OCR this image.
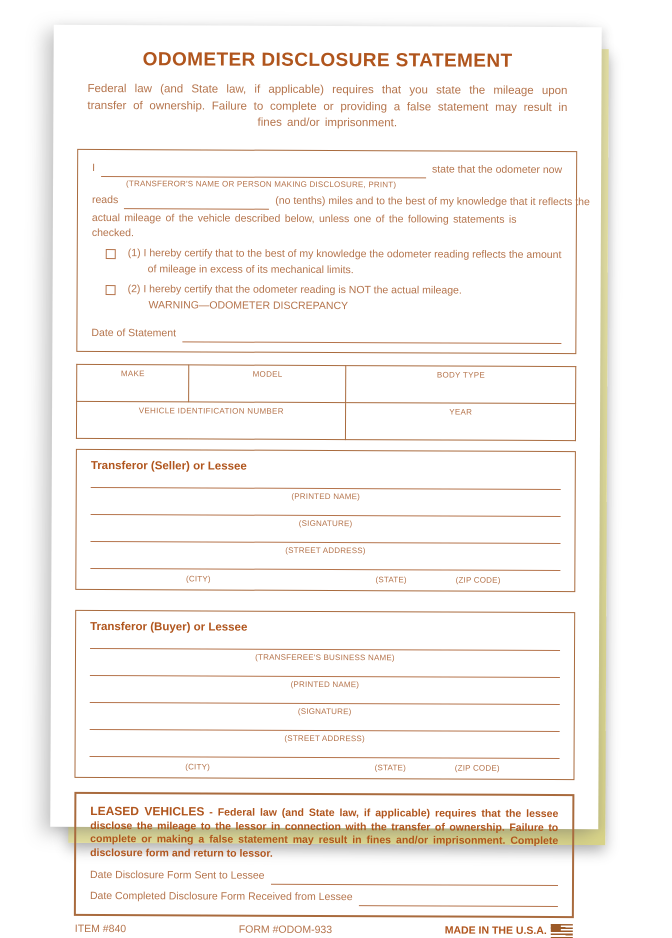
ODOMETER DISCLOSURE STATEMENT

Federal law (and State law, if applicable) requires that you state the mileage upon transfer of ownership. Failure to complete or providing a false statement may result in fines and/or imprisonment.

I	state that the odometer now
(TRANSFEROR'S NAME OR PERSON MAKING DISCLOSURE, PRINT)
reads	(no tenths) miles and to the best of my knowledge that it reflects the
actual mileage of the vehicle described below, unless one of the following statements is checked.
(1) I hereby certify that to the best of my knowledge the odometer reading reflects the amount of mileage in excess of its mechanical limits.
(2) I hereby certify that the odometer reading is NOT the actual mileage.
WARNING—ODOMETER DISCREPANCY
Date of Statement
MAKE	MODEL	BODY TYPE
VEHICLE IDENTIFICATION NUMBER		YEAR
Transferor (Seller) or Lessee
(PRINTED NAME)
(SIGNATURE)
(STREET ADDRESS)
(CITY)	(STATE)	(ZIP CODE)
Transferor (Buyer) or Lessee
(TRANSFEREE'S BUSINESS NAME)
(PRINTED NAME)
(SIGNATURE)
(STREET ADDRESS)
(CITY)	(STATE)	(ZIP CODE)

LEASED VEHICLES - Federal law (and State law, if applicable) requires that the lessee disclose the mileage to the lessor in connection with the transfer of ownership. Failure to complete or making a false statement may result in fines and/or imprisonment. Complete disclosure form and return to lessor.

Date Disclosure Form Sent to Lessee
Date Completed Disclosure Form Received from Lessee
ITEM #840	FORM #ODOM-933	MADE IN THE U.S.A.
